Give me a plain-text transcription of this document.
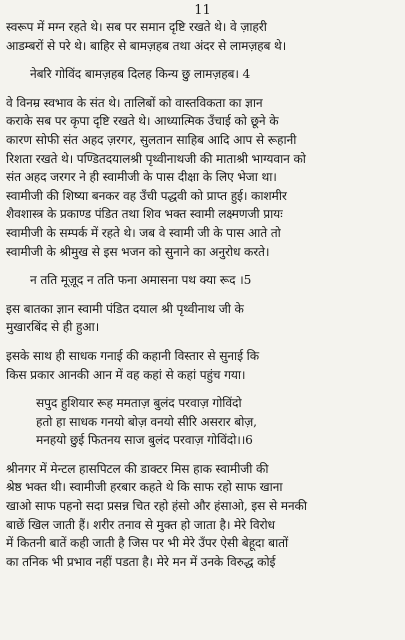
11
स्वरूप में मग्न रहते थे। सब पर समान दृष्टि रखते थे। वे ज़ाहरी
आडम्बरों से परे थे। बाहिर से बामज़हब तथा अंदर से लामज़हब थे।
नेबरि गोविंद बामज़हब दिलह किन्य छु लामज़हब। 4
वे विनम्र स्वभाव के संत थे। तालिबों को वास्तविकता का ज्ञान
कराके सब पर कृपा दृष्टि रखते थे। आध्यात्मिक उँचाई को छूने के
कारण सोफी संत अहद ज़रगर, सुलतान साहिब आदि आप से रूहानी
रिशता रखते थे। पण्डितदयालश्री पृथ्वीनाथजी की माताश्री भाग्यवान को
संत अहद जरगर ने ही स्वामीजी के पास दीक्षा के लिए भेजा था।
स्वामीजी की शिष्या बनकर वह उँची पद्धवी को प्राप्त हुई। काशमीर
शैवशास्त्र के प्रकाण्ड पंडित तथा शिव भक्त स्वामी लक्ष्मणजी प्रायः
स्वामीजी के सम्पर्क में रहते थे। जब वे स्वामी जी के पास आते तो
स्वामीजी के श्रीमुख से इस भजन को सुनाने का अनुरोध करते।
न तति मूज़ूद न तति फना अमासना पथ क्या रूद ।5
इस बातका ज्ञान स्वामी पंडित दयाल श्री पृथ्वीनाथ जी के
मुखारबिंद से ही हुआ।
इसके साथ ही साधक गनाई की कहानी विस्तार से सुनाई कि
किस प्रकार आनकी आन में वह कहां से कहां पहुंच गया।
सपुद हुशियार रूह ममताज़ बुलंद परवाज़ गोविंदो
हतो हा साधक गनयो बोज़ वनयो सीरि असरार बोज़,
मनहयो छुई फितनय साज बुलंद परवाज़ गोविंदो।।6
श्रीनगर में मेन्टल हासपिटल की डाक्टर मिस हाक स्वामीजी की
श्रेष्ठ भक्त थी। स्वामीजी हरबार कहते थे कि साफ रहो साफ खाना
खाओ साफ पहनो सदा प्रसन्न चित रहो हंसो और हंसाओ, इस से मनकी
बाछें खिल जाती हैं। शरीर तनाव से मुक्त हो जाता है। मेरे विरोध
में कितनी बातें कही जाती है जिस पर भी मेरे उँपर ऐसी बेहूदा बातों
का तनिक भी प्रभाव नहीं पडता है। मेरे मन में उनके विरुद्ध कोई
